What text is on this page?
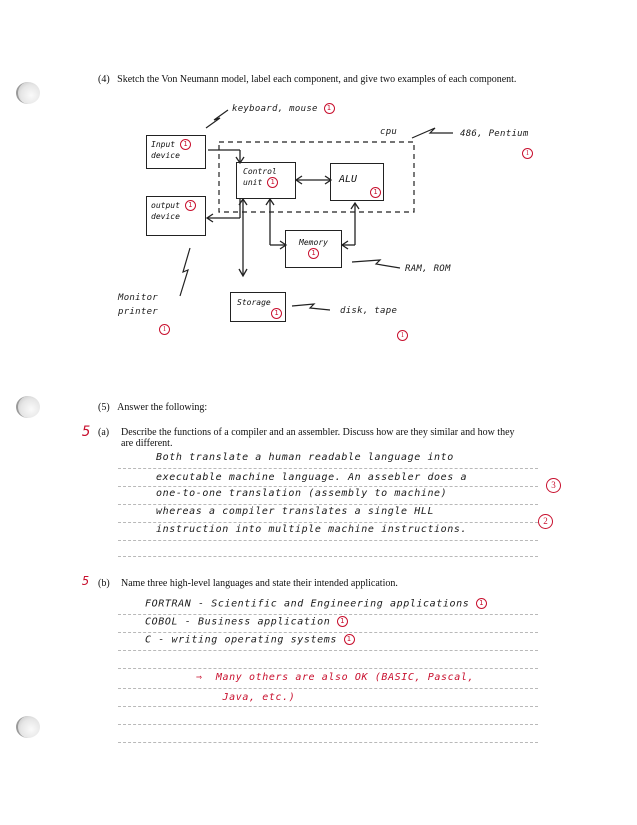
(4) Sketch the Von Neumann model, label each component, and give two examples of each component.
Input 1
device
output 1
device
Control
unit 1	ALU
1
Memory
1
Storage
1
keyboard, mouse 1
cpu	486, Pentium
1
Monitor
printer
1
RAM, ROM
disk, tape
1
(5) Answer the following:
5 (a) Describe the functions of a compiler and an assembler. Discuss how are they similar and how they
are different.
Both translate a human readable language into
executable machine language. An assebler does a
one-to-one translation (assembly to machine)
whereas a compiler translates a single HLL
instruction into multiple machine instructions.
3
2
5 (b) Name three high-level languages and state their intended application.
FORTRAN - Scientific and Engineering applications 1
COBOL - Business application 1
C - writing operating systems 1
⇒ Many others are also OK (BASIC, Pascal,
Java, etc.)
